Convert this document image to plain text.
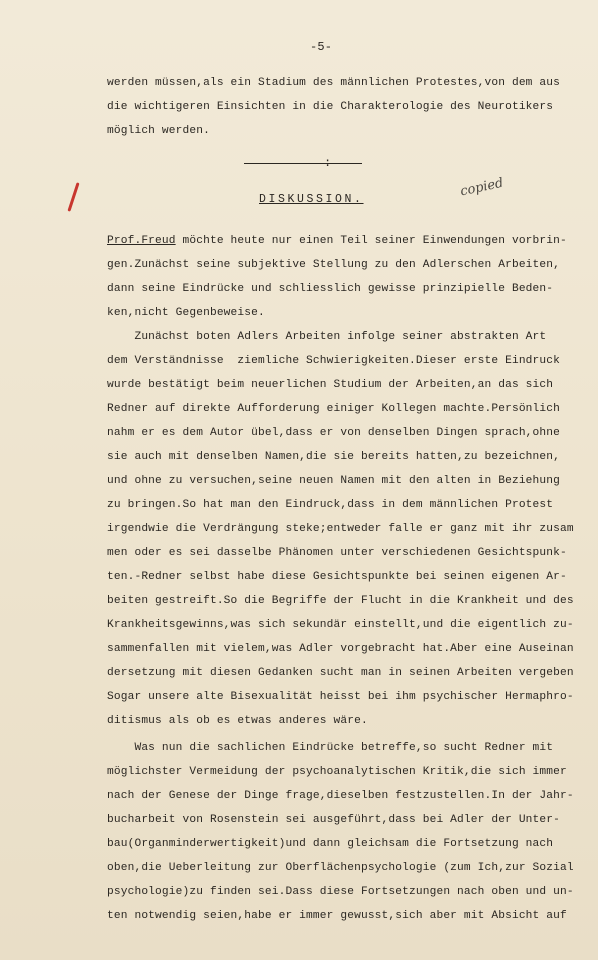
-5-
werden müssen,als ein Stadium des männlichen Protestes,von dem aus
die wichtigeren Einsichten in die Charakterologie des Neurotikers
möglich werden.
:
copied
DISKUSSION.
Prof.Freud möchte heute nur einen Teil seiner Einwendungen vorbrin-
gen.Zunächst seine subjektive Stellung zu den Adlerschen Arbeiten,
dann seine Eindrücke und schliesslich gewisse prinzipielle Beden-
ken,nicht Gegenbeweise.
Zunächst boten Adlers Arbeiten infolge seiner abstrakten Art
dem Verständnisse  ziemliche Schwierigkeiten.Dieser erste Eindruck
wurde bestätigt beim neuerlichen Studium der Arbeiten,an das sich
Redner auf direkte Aufforderung einiger Kollegen machte.Persönlich
nahm er es dem Autor übel,dass er von denselben Dingen sprach,ohne
sie auch mit denselben Namen,die sie bereits hatten,zu bezeichnen,
und ohne zu versuchen,seine neuen Namen mit den alten in Beziehung
zu bringen.So hat man den Eindruck,dass in dem männlichen Protest
irgendwie die Verdrängung steke;entweder falle er ganz mit ihr zusam
men oder es sei dasselbe Phänomen unter verschiedenen Gesichtspunk-
ten.-Redner selbst habe diese Gesichtspunkte bei seinen eigenen Ar-
beiten gestreift.So die Begriffe der Flucht in die Krankheit und des
Krankheitsgewinns,was sich sekundär einstellt,und die eigentlich zu-
sammenfallen mit vielem,was Adler vorgebracht hat.Aber eine Auseinan
dersetzung mit diesen Gedanken sucht man in seinen Arbeiten vergeben
Sogar unsere alte Bisexualität heisst bei ihm psychischer Hermaphro-
ditismus als ob es etwas anderes wäre.
Was nun die sachlichen Eindrücke betreffe,so sucht Redner mit
möglichster Vermeidung der psychoanalytischen Kritik,die sich immer
nach der Genese der Dinge frage,dieselben festzustellen.In der Jahr-
bucharbeit von Rosenstein sei ausgeführt,dass bei Adler der Unter-
bau(Organminderwertigkeit)und dann gleichsam die Fortsetzung nach
oben,die Ueberleitung zur Oberflächenpsychologie (zum Ich,zur Sozial
psychologie)zu finden sei.Dass diese Fortsetzungen nach oben und un-
ten notwendig seien,habe er immer gewusst,sich aber mit Absicht auf
